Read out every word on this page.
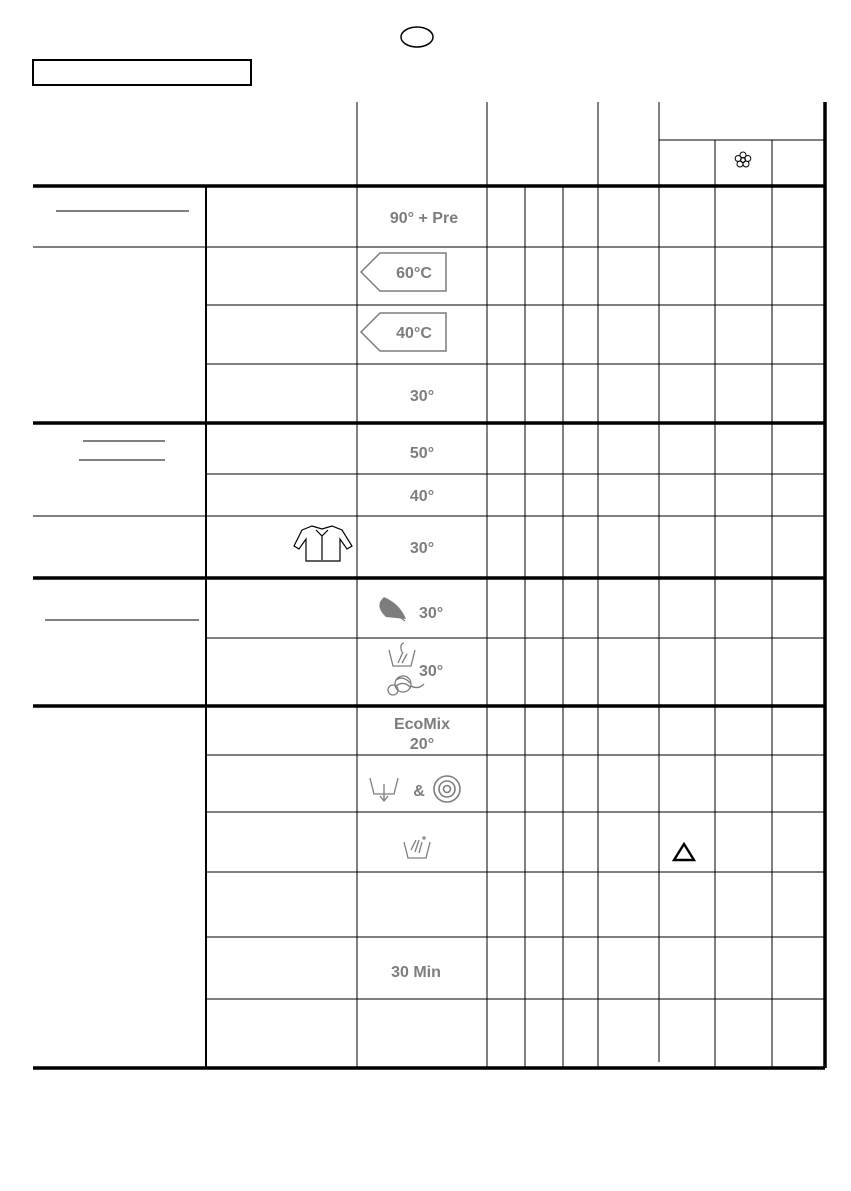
90° + Pre
60°C
40°C
30°
50°
40°
30°
30°
30°
EcoMix
20°
&
30 Min
